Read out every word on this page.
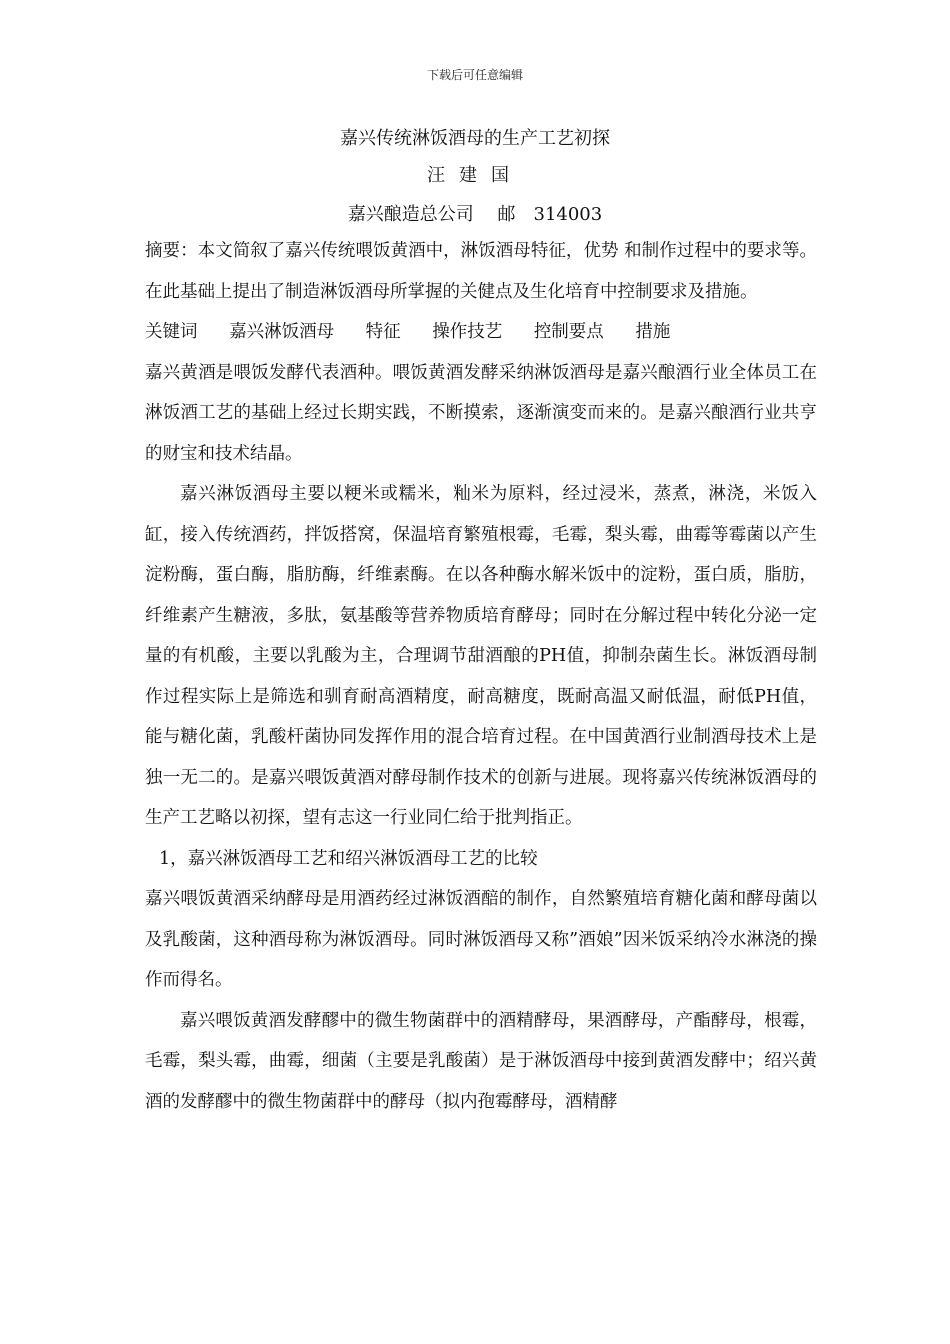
下载后可任意编辑
嘉兴传统淋饭酒母的生产工艺初探
汪建国
嘉兴酿造总公司　 邮　314003

摘要：本文简叙了嘉兴传统喂饭黄酒中，淋饭酒母特征，优势 和制作过程中的要求等。在此基础上提出了制造淋饭酒母所掌握的关健点及生化培育中控制要求及措施。

关键词 嘉兴淋饭酒母 特征 操作技艺 控制要点 措施

嘉兴黄酒是喂饭发酵代表酒种。喂饭黄酒发酵采纳淋饭酒母是嘉兴酿酒行业全体员工在淋饭酒工艺的基础上经过长期实践，不断摸索，逐渐演变而来的。是嘉兴酿酒行业共亨的财宝和技术结晶。

嘉兴淋饭酒母主要以粳米或糯米，籼米为原料，经过浸米，蒸煮，淋浇，米饭入缸，接入传统酒药，拌饭搭窝，保温培育繁殖根霉，毛霉，梨头霉，曲霉等霉菌以产生淀粉酶，蛋白酶，脂肪酶，纤维素酶。在以各种酶水解米饭中的淀粉，蛋白质，脂肪，纤维素产生糖液，多肽，氨基酸等营养物质培育酵母；同时在分解过程中转化分泌一定量的有机酸，主要以乳酸为主，合理调节甜酒酿的PH值，抑制杂菌生长。淋饭酒母制作过程实际上是筛选和驯育耐高酒精度，耐高糖度，既耐高温又耐低温，耐低PH值，能与糖化菌，乳酸杆菌协同发挥作用的混合培育过程。在中国黄酒行业制酒母技术上是独一无二的。是嘉兴喂饭黄酒对酵母制作技术的创新与进展。现将嘉兴传统淋饭酒母的生产工艺略以初探，望有志这一行业同仁给于批判指正。

1，嘉兴淋饭酒母工艺和绍兴淋饭酒母工艺的比较

嘉兴喂饭黄酒采纳酵母是用酒药经过淋饭酒醅的制作，自然繁殖培育糖化菌和酵母菌以及乳酸菌，这种酒母称为淋饭酒母。同时淋饭酒母又称”酒娘”因米饭采纳冷水淋浇的操作而得名。

嘉兴喂饭黄酒发酵醪中的微生物菌群中的酒精酵母，果酒酵母，产酯酵母，根霉，毛霉，梨头霉，曲霉，细菌（主要是乳酸菌）是于淋饭酒母中接到黄酒发酵中；绍兴黄酒的发酵醪中的微生物菌群中的酵母（拟内孢霉酵母，酒精酵
